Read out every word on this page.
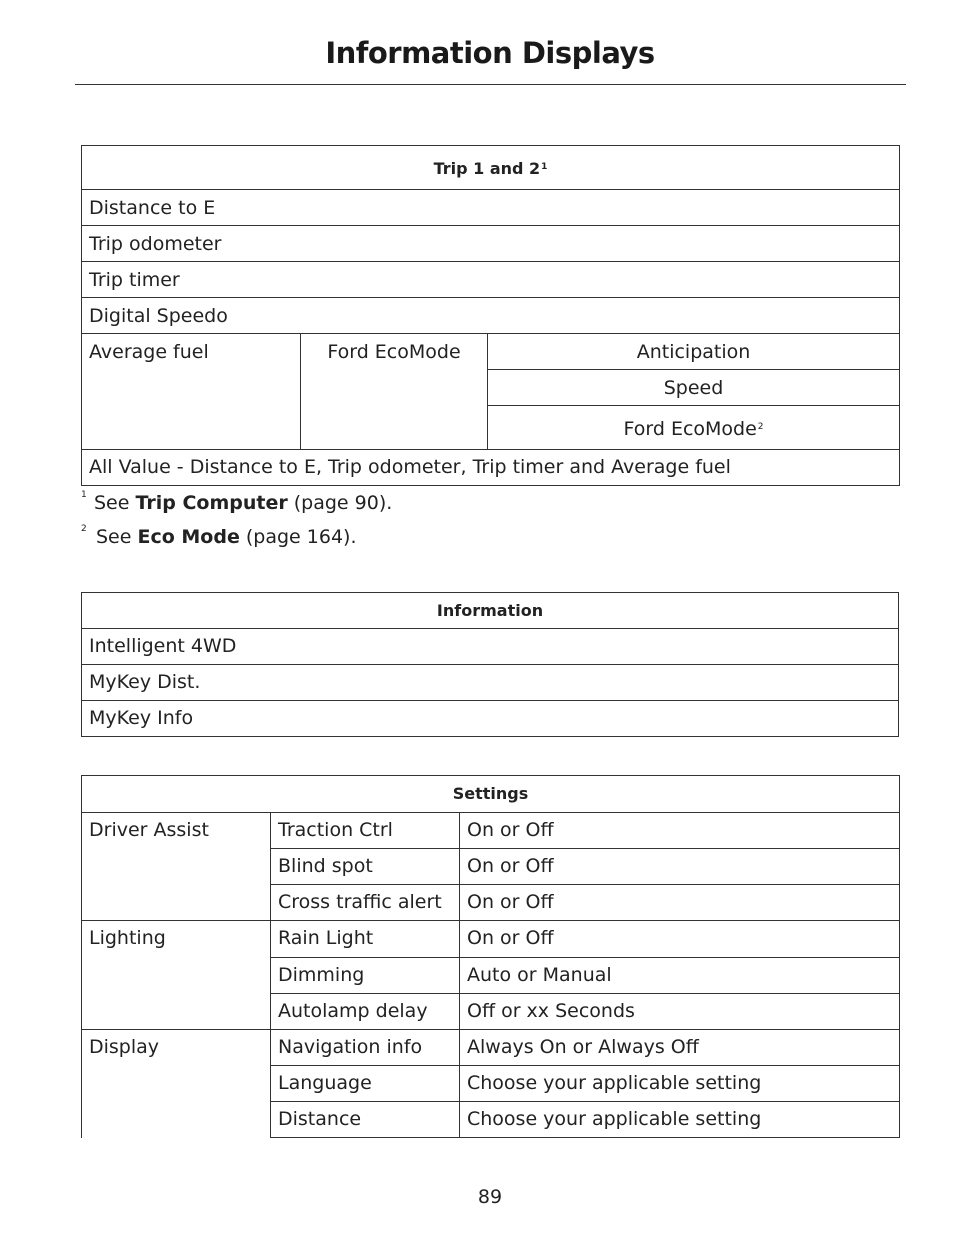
Information Displays
Trip 1 and $2^1$
Distance to E
Trip odometer
Trip timer
Digital Speedo
Average fuel	Ford EcoMode	Anticipation
Speed
Ford EcoMode$^2$
All Value - Distance to E, Trip odometer, Trip timer and Average fuel
1 See Trip Computer (page 90).
2 See Eco Mode (page 164).
Information
Intelligent 4WD
MyKey Dist.
MyKey Info
Settings		
Driver Assist	Traction Ctrl	On or Off
	Blind spot	On or Off
	Cross traffic alert	On or Off
Lighting	Rain Light	On or Off
	Dimming	Auto or Manual
	Autolamp delay	Off or xx Seconds
Display	Navigation info	Always On or Always Off
	Language	Choose your applicable setting
	Distance	Choose your applicable setting
89
